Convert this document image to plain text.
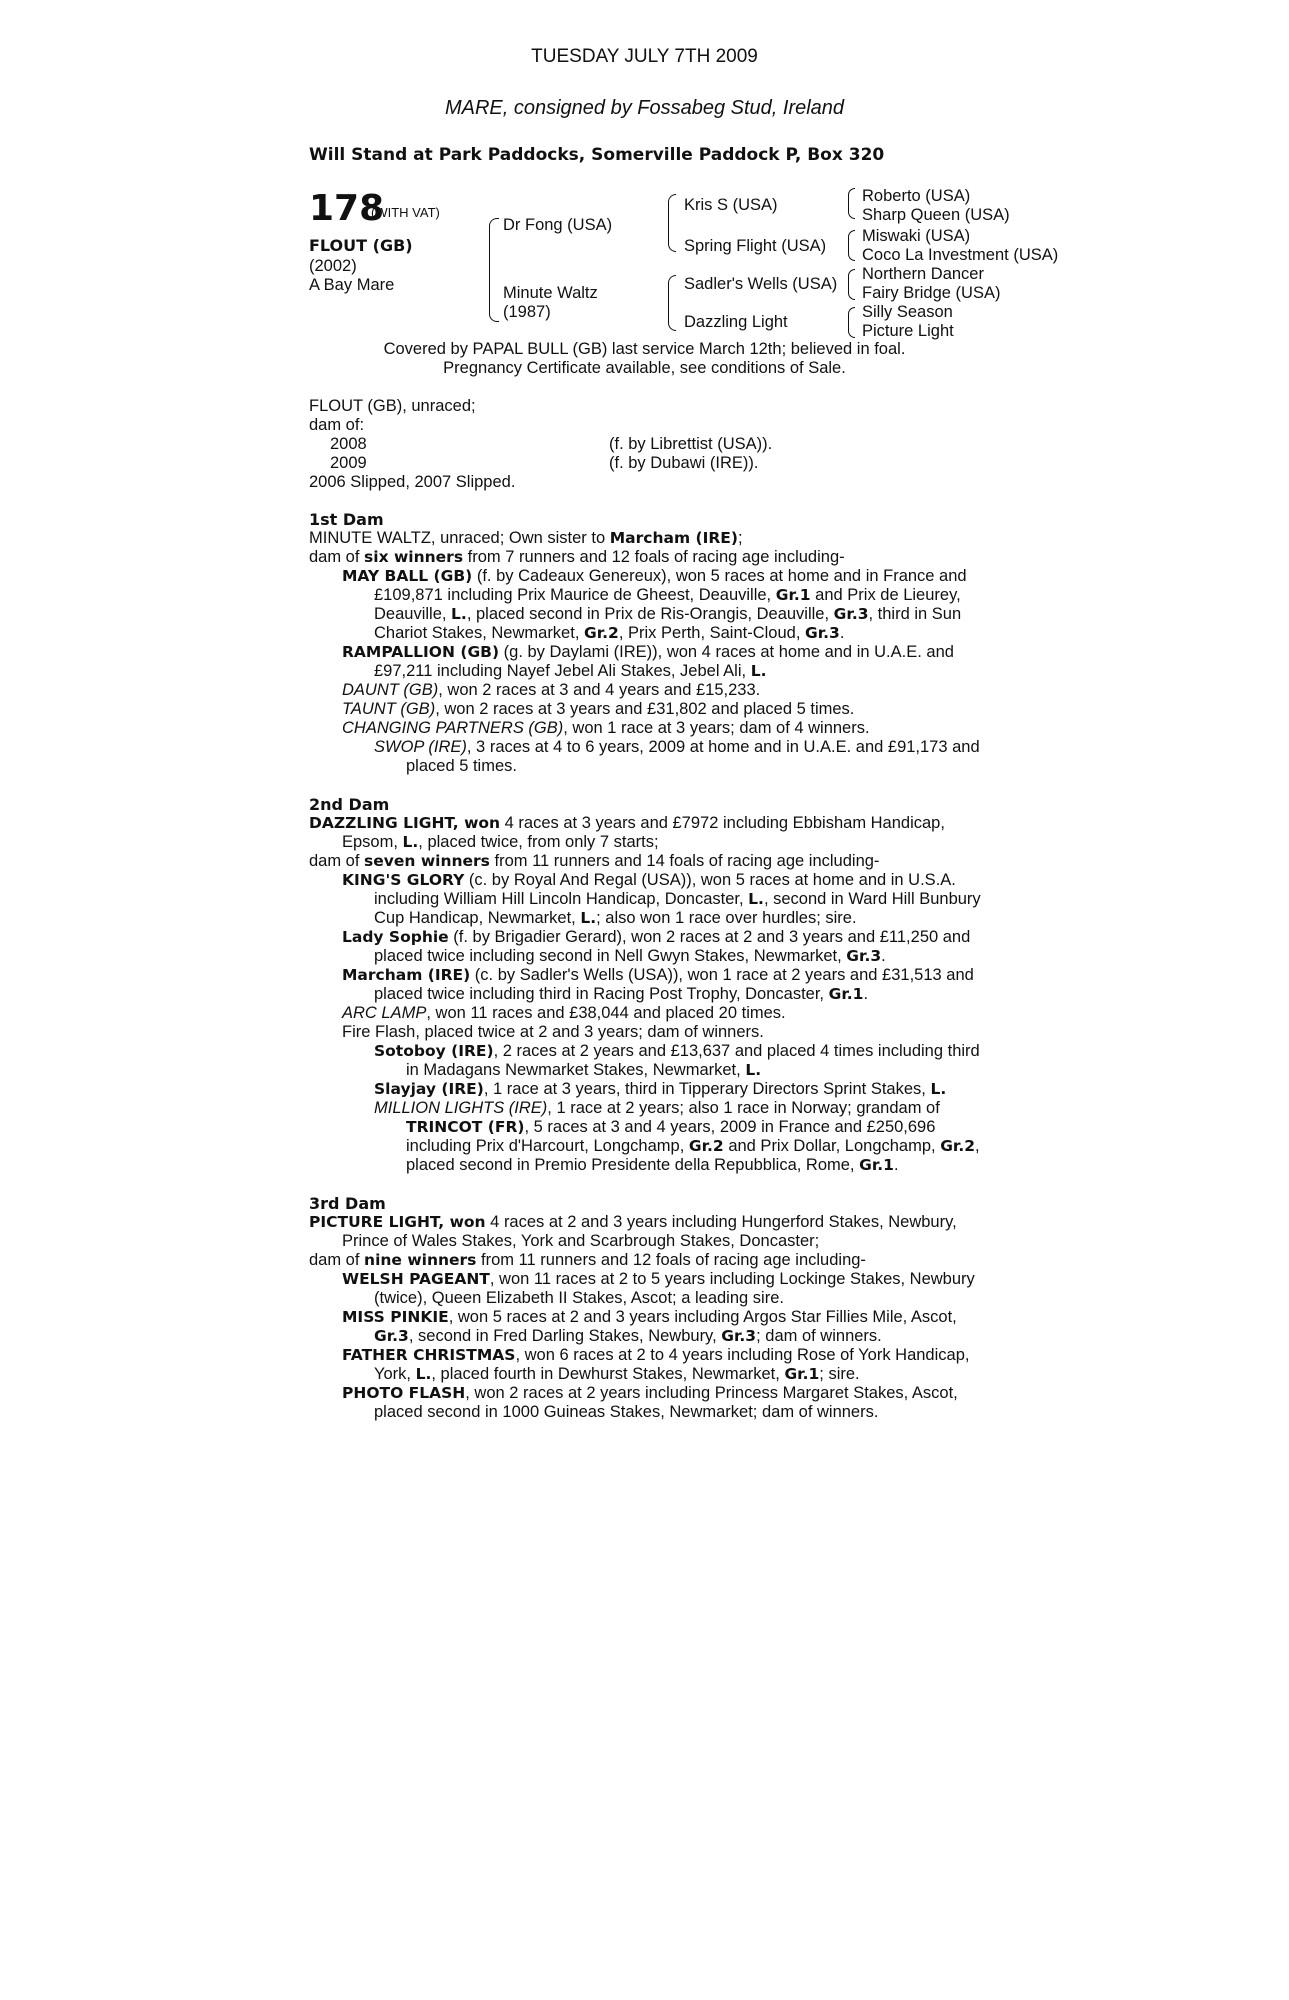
TUESDAY JULY 7TH 2009
MARE, consigned by Fossabeg Stud, Ireland
Will Stand at Park Paddocks, Somerville Paddock P, Box 320
178
(WITH VAT)
FLOUT (GB)
(2002)
A Bay Mare
Dr Fong (USA)
Minute Waltz
(1987)
Kris S (USA)
Spring Flight (USA)
Sadler's Wells (USA)
Dazzling Light
Roberto (USA)
Sharp Queen (USA)
Miswaki (USA)
Coco La Investment (USA)
Northern Dancer
Fairy Bridge (USA)
Silly Season
Picture Light
Covered by PAPAL BULL (GB) last service March 12th; believed in foal.
Pregnancy Certificate available, see conditions of Sale.
FLOUT (GB), unraced;
dam of:
2008	(f. by Librettist (USA)).
2009	(f. by Dubawi (IRE)).
2006 Slipped, 2007 Slipped.
1st Dam
MINUTE WALTZ, unraced; Own sister to Marcham (IRE);
dam of six winners from 7 runners and 12 foals of racing age including-
MAY BALL (GB) (f. by Cadeaux Genereux), won 5 races at home and in France and
£109,871 including Prix Maurice de Gheest, Deauville, Gr.1 and Prix de Lieurey,
Deauville, L., placed second in Prix de Ris-Orangis, Deauville, Gr.3, third in Sun
Chariot Stakes, Newmarket, Gr.2, Prix Perth, Saint-Cloud, Gr.3.
RAMPALLION (GB) (g. by Daylami (IRE)), won 4 races at home and in U.A.E. and
£97,211 including Nayef Jebel Ali Stakes, Jebel Ali, L.
DAUNT (GB), won 2 races at 3 and 4 years and £15,233.
TAUNT (GB), won 2 races at 3 years and £31,802 and placed 5 times.
CHANGING PARTNERS (GB), won 1 race at 3 years; dam of 4 winners.
SWOP (IRE), 3 races at 4 to 6 years, 2009 at home and in U.A.E. and £91,173 and
placed 5 times.
2nd Dam
DAZZLING LIGHT, won 4 races at 3 years and £7972 including Ebbisham Handicap,
Epsom, L., placed twice, from only 7 starts;
dam of seven winners from 11 runners and 14 foals of racing age including-
KING'S GLORY (c. by Royal And Regal (USA)), won 5 races at home and in U.S.A.
including William Hill Lincoln Handicap, Doncaster, L., second in Ward Hill Bunbury
Cup Handicap, Newmarket, L.; also won 1 race over hurdles; sire.
Lady Sophie (f. by Brigadier Gerard), won 2 races at 2 and 3 years and £11,250 and
placed twice including second in Nell Gwyn Stakes, Newmarket, Gr.3.
Marcham (IRE) (c. by Sadler's Wells (USA)), won 1 race at 2 years and £31,513 and
placed twice including third in Racing Post Trophy, Doncaster, Gr.1.
ARC LAMP, won 11 races and £38,044 and placed 20 times.
Fire Flash, placed twice at 2 and 3 years; dam of winners.
Sotoboy (IRE), 2 races at 2 years and £13,637 and placed 4 times including third
in Madagans Newmarket Stakes, Newmarket, L.
Slayjay (IRE), 1 race at 3 years, third in Tipperary Directors Sprint Stakes, L.
MILLION LIGHTS (IRE), 1 race at 2 years; also 1 race in Norway; grandam of
TRINCOT (FR), 5 races at 3 and 4 years, 2009 in France and £250,696
including Prix d'Harcourt, Longchamp, Gr.2 and Prix Dollar, Longchamp, Gr.2,
placed second in Premio Presidente della Repubblica, Rome, Gr.1.
3rd Dam
PICTURE LIGHT, won 4 races at 2 and 3 years including Hungerford Stakes, Newbury,
Prince of Wales Stakes, York and Scarbrough Stakes, Doncaster;
dam of nine winners from 11 runners and 12 foals of racing age including-
WELSH PAGEANT, won 11 races at 2 to 5 years including Lockinge Stakes, Newbury
(twice), Queen Elizabeth II Stakes, Ascot; a leading sire.
MISS PINKIE, won 5 races at 2 and 3 years including Argos Star Fillies Mile, Ascot,
Gr.3, second in Fred Darling Stakes, Newbury, Gr.3; dam of winners.
FATHER CHRISTMAS, won 6 races at 2 to 4 years including Rose of York Handicap,
York, L., placed fourth in Dewhurst Stakes, Newmarket, Gr.1; sire.
PHOTO FLASH, won 2 races at 2 years including Princess Margaret Stakes, Ascot,
placed second in 1000 Guineas Stakes, Newmarket; dam of winners.
